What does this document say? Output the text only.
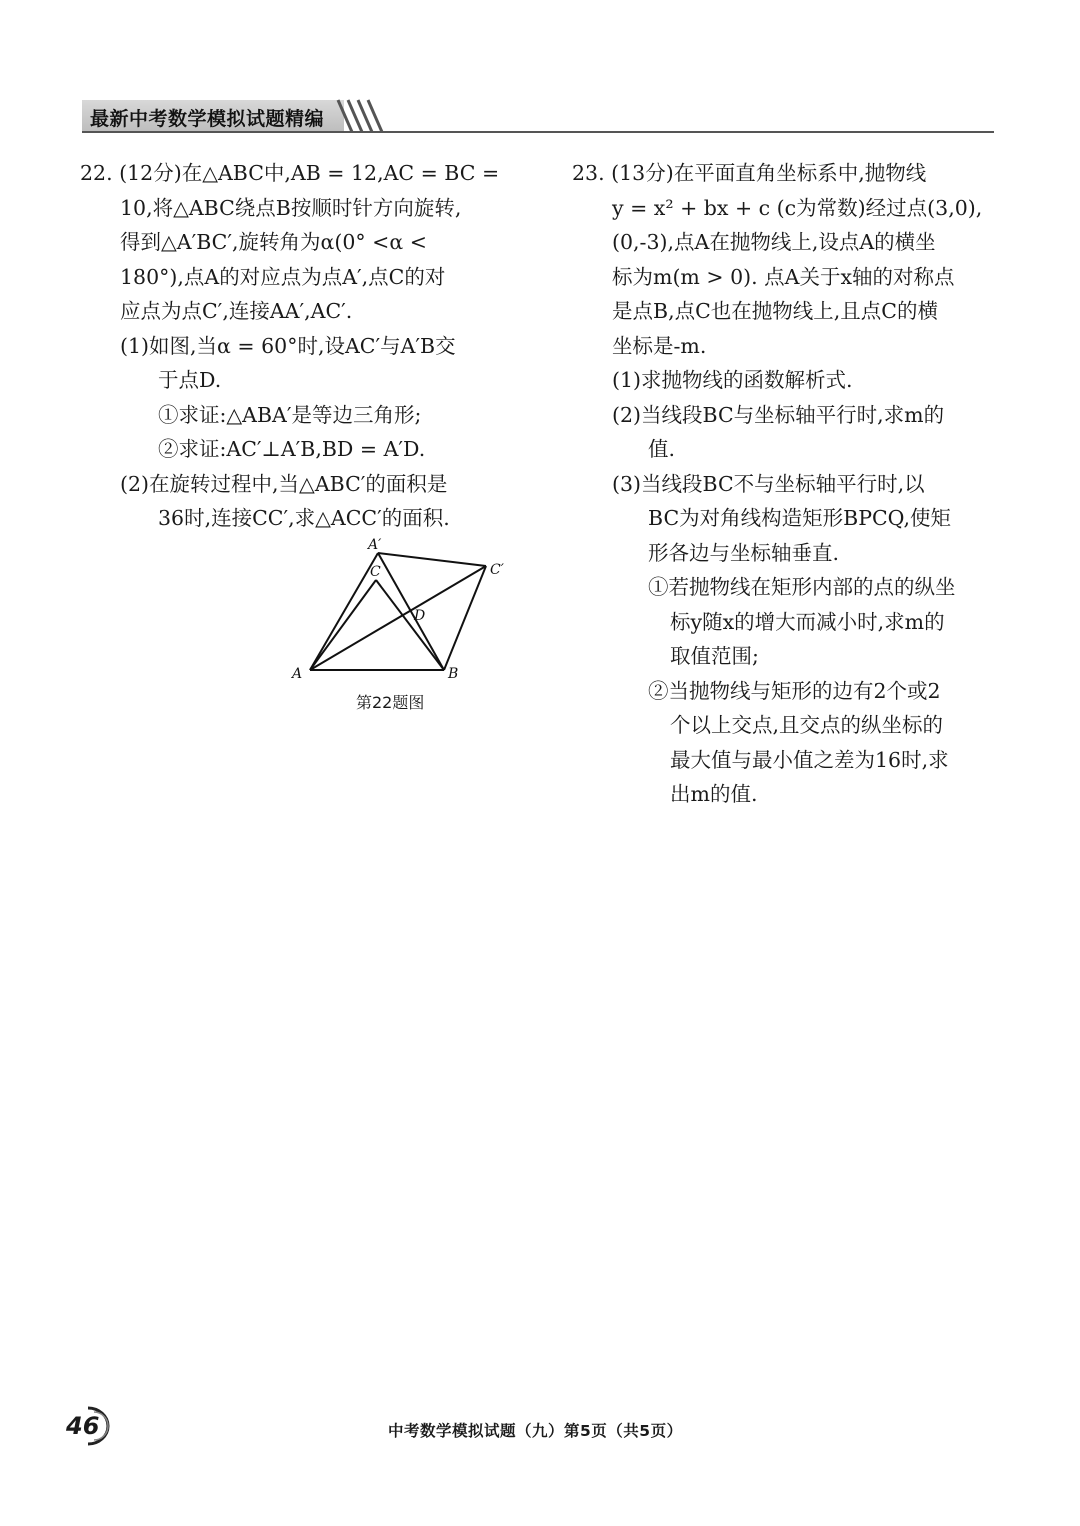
最新中考数学模拟试题精编
22. (12分)在△ABC中,AB = 12,AC = BC =
10,将△ABC绕点B按顺时针方向旋转,
得到△A′BC′,旋转角为α(0° <α <
180°),点A的对应点为点A′,点C的对
应点为点C′,连接AA′,AC′.
(1)如图,当α = 60°时,设AC′与A′B交
于点D.
①求证:△ABA′是等边三角形;
②求证:AC′⊥A′B,BD = A′D.
(2)在旋转过程中,当△ABC′的面积是
36时,连接CC′,求△ACC′的面积.
A	B
C
D
A′
C′
第22题图
23. (13分)在平面直角坐标系中,抛物线
y = x² + bx + c (c为常数)经过点(3,0),
(0,-3),点A在抛物线上,设点A的横坐
标为m(m > 0). 点A关于x轴的对称点
是点B,点C也在抛物线上,且点C的横
坐标是-m.
(1)求抛物线的函数解析式.
(2)当线段BC与坐标轴平行时,求m的
值.
(3)当线段BC不与坐标轴平行时,以
BC为对角线构造矩形BPCQ,使矩
形各边与坐标轴垂直.
①若抛物线在矩形内部的点的纵坐
标y随x的增大而减小时,求m的
取值范围;
②当抛物线与矩形的边有2个或2
个以上交点,且交点的纵坐标的
最大值与最小值之差为16时,求
出m的值.
46	中考数学模拟试题（九）第5页（共5页）
